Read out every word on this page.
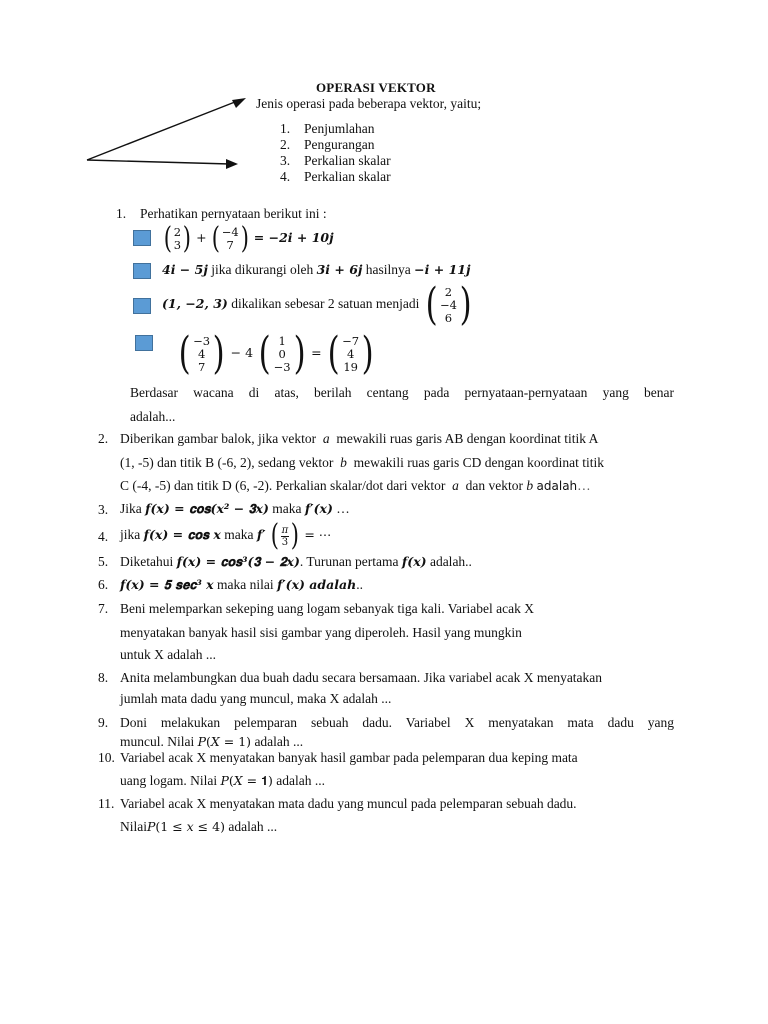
OPERASI VEKTOR
Jenis operasi pada beberapa vektor, yaitu;
1. Penjumlahan
2. Pengurangan
3. Perkalian skalar
4. Perkalian skalar
1. Perhatikan pernyataan berikut ini :
( 2
3 ) + ( −4
7 ) = −2𝒊 + 10𝒋
4𝒊 − 5𝒋 jika dikurangi oleh 3𝒊 + 6𝒋 hasilnya −𝒊 + 11𝒋
(1, −2, 3) dikalikan sebesar 2 satuan menjadi ( 2
−4
6 )
( −3
4
7 ) − 4 ( 1
0
−3 ) = ( −7
4
19 )
Berdasar wacana di atas, berilah centang pada pernyataan-pernyataan yang benar
adalah...
2. Diberikan gambar balok, jika vektor a mewakili ruas garis AB dengan koordinat titik A
(1, -5) dan titik B (-6, 2), sedang vektor b mewakili ruas garis CD dengan koordinat titik
C (-4, -5) dan titik D (6, -2). Perkalian skalar/dot dari vektor a dan vektor b adalah…
3. Jika 𝒇(𝒙) = 𝐜𝐨𝐬(𝒙² − 𝟑𝒙) maka 𝒇′(𝒙) …
4. jika 𝒇(𝒙) = 𝐜𝐨𝐬 𝒙 maka 𝒇′ ( π
3 ) = ⋯
5. Diketahui 𝒇(𝒙) = 𝐜𝐨𝐬³(𝟑 − 𝟐𝒙). Turunan pertama 𝒇(𝒙) adalah..
6. 𝒇(𝒙) = 𝟓 𝐬𝐞𝐜³ 𝒙 maka nilai 𝒇′(𝒙) 𝒂𝒅𝒂𝒍𝒂𝒉..
7. Beni melemparkan sekeping uang logam sebanyak tiga kali. Variabel acak X
menyatakan banyak hasil sisi gambar yang diperoleh. Hasil yang mungkin
untuk X adalah ...
8. Anita melambungkan dua buah dadu secara bersamaan. Jika variabel acak X menyatakan
jumlah mata dadu yang muncul, maka X adalah ...
9. Doni melakukan pelemparan sebuah dadu. Variabel X menyatakan mata dadu yang
muncul. Nilai 𝑃(𝑋 = 1) adalah ...
10. Variabel acak X menyatakan banyak hasil gambar pada pelemparan dua keping mata
uang logam. Nilai 𝑃(𝑋 = 𝟏) adalah ...
11. Variabel acak X menyatakan mata dadu yang muncul pada pelemparan sebuah dadu.
Nilai𝑃(1 ≤ 𝑥 ≤ 4) adalah ...
